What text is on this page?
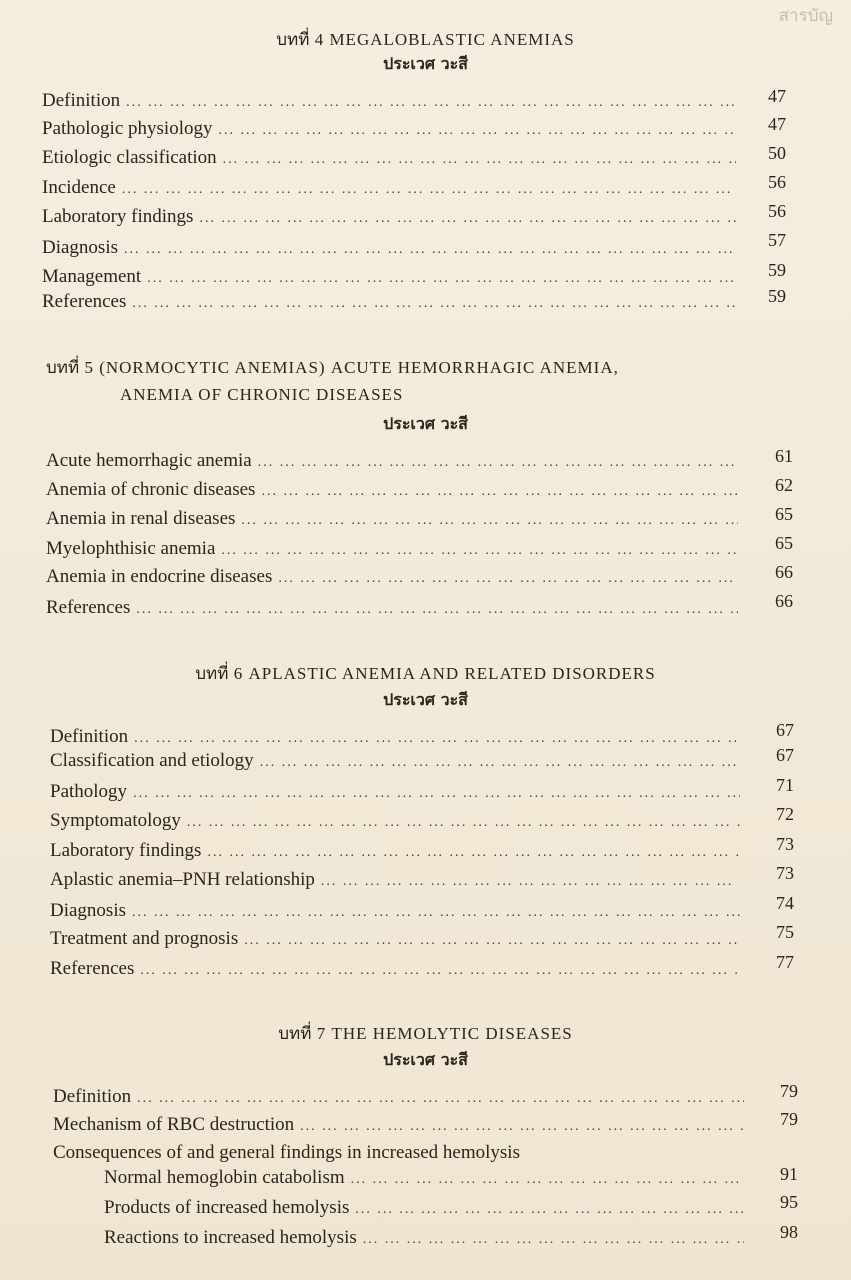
สารบัญ
บทที่ 4 MEGALOBLASTIC ANEMIAS
ประเวศ วะสี
Definition ... .	47
Pathologic physiology ... .	47
Etiologic classification ... .	50
Incidence ... .	56
Laboratory findings ... .	56
Diagnosis ... .	57
Management ... .	59
References ... .	59
บทที่ 5 (NORMOCYTIC ANEMIAS) ACUTE HEMORRHAGIC ANEMIA,
ANEMIA OF CHRONIC DISEASES
ประเวศ วะสี
Acute hemorrhagic anemia ... .	61
Anemia of chronic diseases ... .	62
Anemia in renal diseases ... .	65
Myelophthisic anemia ... .	65
Anemia in endocrine diseases ... .	66
References ... .	66
บทที่ 6 APLASTIC ANEMIA AND RELATED DISORDERS
ประเวศ วะสี
Definition ... .	67
Classification and etiology ... .	67
Pathology ... .	71
Symptomatology ... .	72
Laboratory findings ... .	73
Aplastic anemia–PNH relationship ... .	73
Diagnosis ... .	74
Treatment and prognosis ... .	75
References ... .	77
บทที่ 7 THE HEMOLYTIC DISEASES
ประเวศ วะสี
Definition ... .	79
Mechanism of RBC destruction ... .	79
Consequences of and general findings in increased hemolysis
Normal hemoglobin catabolism ... .	91
Products of increased hemolysis ... .	95
Reactions to increased hemolysis ... .	98
